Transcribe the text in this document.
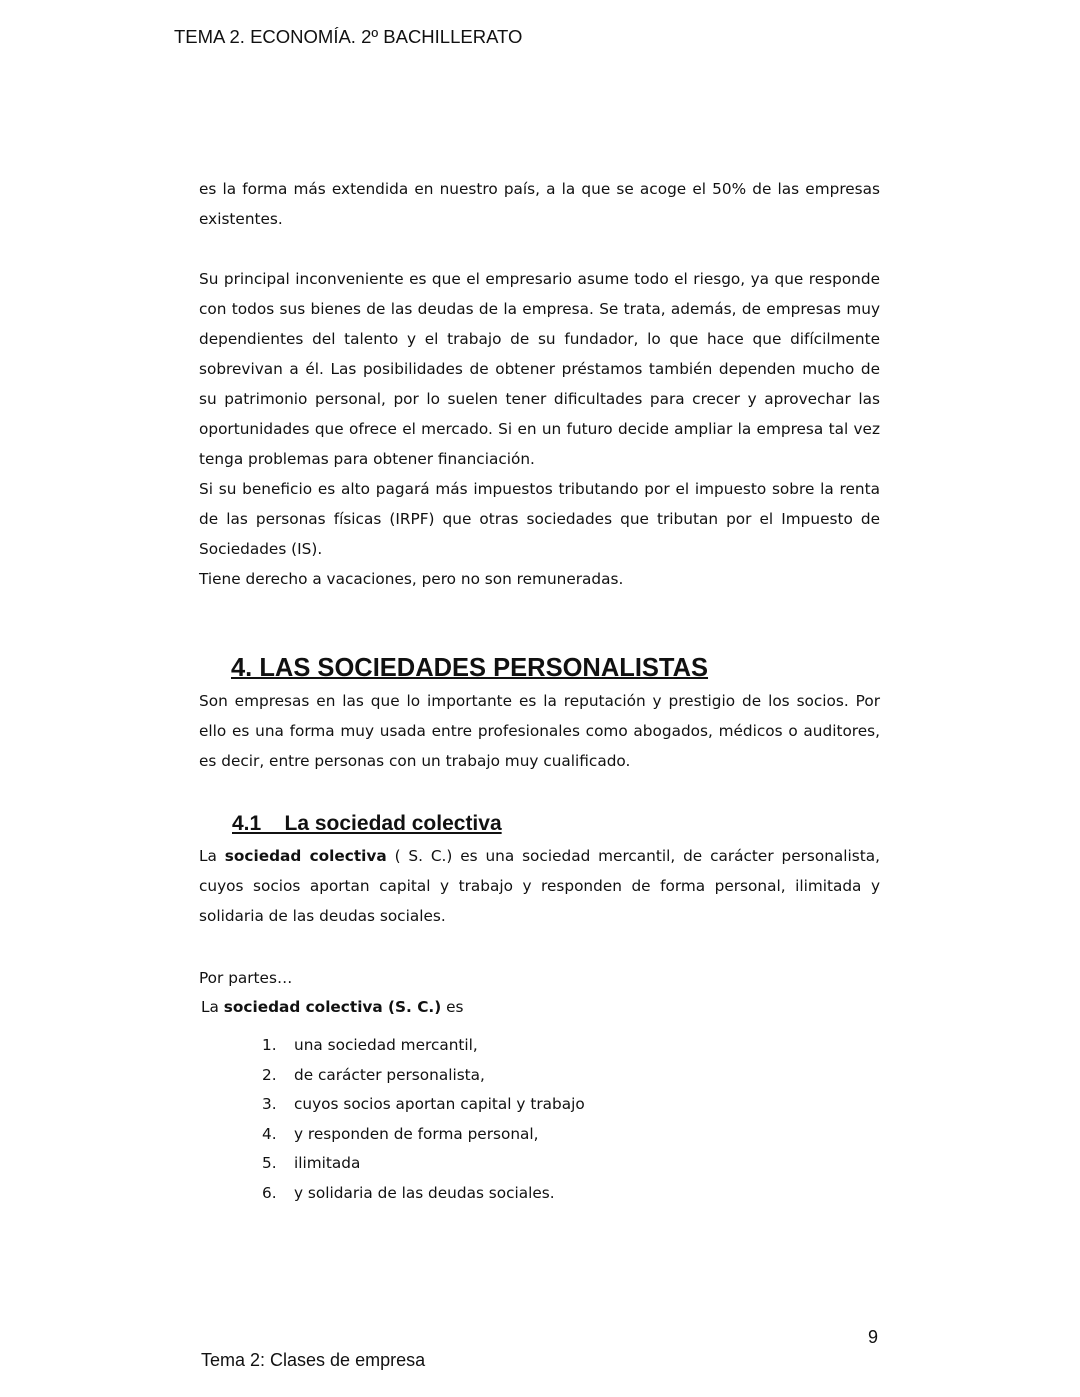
TEMA 2. ECONOMÍA. 2º BACHILLERATO

es la forma más extendida en nuestro país, a la que se acoge el 50% de las empresas existentes.

Su principal inconveniente es que el empresario asume todo el riesgo, ya que responde con todos sus bienes de las deudas de la empresa. Se trata, además, de empresas muy dependientes del talento y el trabajo de su fundador, lo que hace que difícilmente sobrevivan a él. Las posibilidades de obtener préstamos también dependen mucho de su patrimonio personal, por lo suelen tener dificultades para crecer y aprovechar las oportunidades que ofrece el mercado. Si en un futuro decide ampliar la empresa tal vez tenga problemas para obtener financiación.

Si su beneficio es alto pagará más impuestos tributando por el impuesto sobre la renta de las personas físicas (IRPF) que otras sociedades que tributan por el Impuesto de Sociedades (IS).

Tiene derecho a vacaciones, pero no son remuneradas.

4. LAS SOCIEDADES PERSONALISTAS

Son empresas en las que lo importante es la reputación y prestigio de los socios. Por ello es una forma muy usada entre profesionales como abogados, médicos o auditores, es decir, entre personas con un trabajo muy cualificado.

4.1    La sociedad colectiva

La sociedad colectiva ( S. C.) es una sociedad mercantil, de carácter personalista, cuyos socios aportan capital y trabajo y responden de forma personal, ilimitada y solidaria de las deudas sociales.

Por partes…
La sociedad colectiva (S. C.) es
1. una sociedad mercantil,
2. de carácter personalista,
3. cuyos socios aportan capital y trabajo
4. y responden de forma personal,
5. ilimitada
6. y solidaria de las deudas sociales.
9
Tema 2: Clases de empresa
